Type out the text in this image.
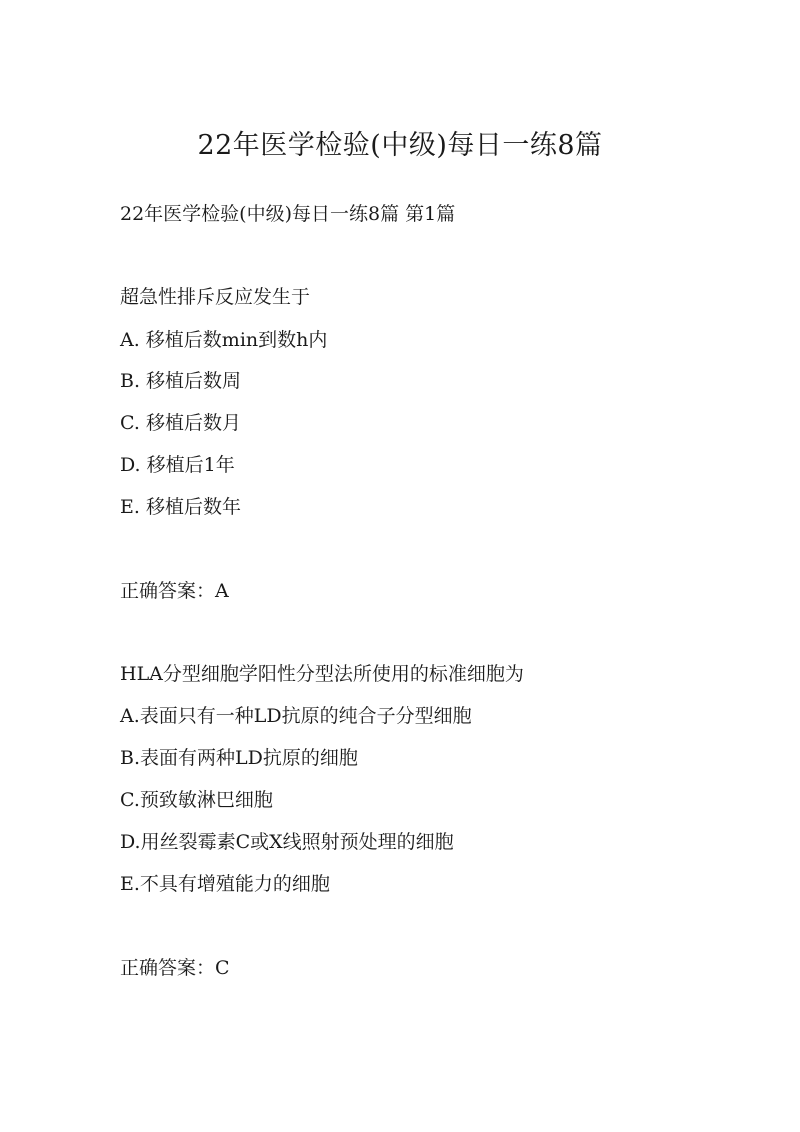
22年医学检验(中级)每日一练8篇
22年医学检验(中级)每日一练8篇 第1篇
超急性排斥反应发生于
A. 移植后数min到数h内
B. 移植后数周
C. 移植后数月
D. 移植后1年
E. 移植后数年
正确答案：A
HLA分型细胞学阳性分型法所使用的标准细胞为
A.表面只有一种LD抗原的纯合子分型细胞
B.表面有两种LD抗原的细胞
C.预致敏淋巴细胞
D.用丝裂霉素C或X线照射预处理的细胞
E.不具有增殖能力的细胞
正确答案：C
